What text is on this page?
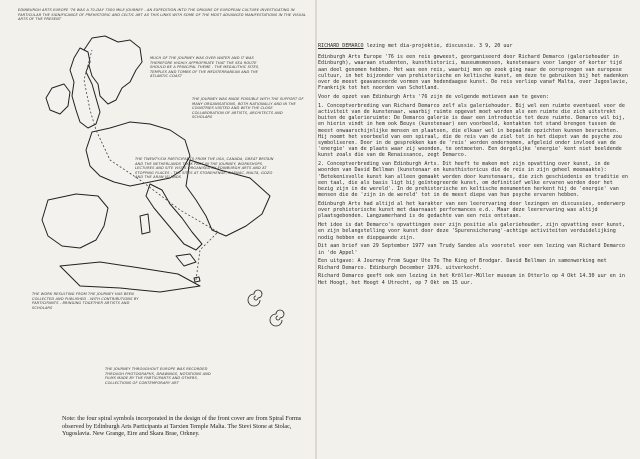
EDINBURGH ARTS EUROPE '76 WAS A 70-DAY 7500 MILE JOURNEY - AN EXPEDITION INTO THE ORIGINS OF EUROPEAN CULTURE INVESTIGATING IN PARTICULAR THE SIGNIFICANCE OF PREHISTORIC AND CELTIC ART AS THIS LINKS WITH SOME OF THE MOST ADVANCED MANIFESTATIONS IN THE VISUAL ARTS OF THE PRESENT
MUCH OF THE JOURNEY WAS OVER WATER AND IT WAS THEREFORE HIGHLY APPROPRIATE THAT THE SEA ROUTE SHOULD BE A PRINCIPAL THEME - THE MEGALITHIC SITES, TEMPLES AND TOMBS OF THE MEDITERRANEAN AND THE ATLANTIC COAST
THE JOURNEY WAS MADE POSSIBLE WITH THE SUPPORT OF MANY ORGANISATIONS, BOTH NATIONALLY AND IN THE COUNTRIES VISITED AND WITH THE CLOSE COLLABORATION OF ARTISTS, ARCHITECTS AND SCHOLARS
THE TWENTY-SIX PARTICIPANTS FROM THE USA, CANADA, GREAT BRITAIN AND THE NETHERLANDS TOOK PART IN THE JOURNEY, WORKSHOPS, LECTURES AND SITE VISITS ORGANISED BY EDINBURGH ARTS AND AT STOPPING PLACES - THE SITES AT STONEHENGE, CARNAC, MALTA, GOZO AND THE ARAN ISLANDS
THE WORK RESULTING FROM THE JOURNEY HAS BEEN COLLECTED AND PUBLISHED - WITH CONTRIBUTIONS BY PARTICIPANTS - BRINGING TOGETHER ARTISTS AND SCHOLARS
THE JOURNEY THROUGHOUT EUROPE WAS RECORDED THROUGH PHOTOGRAPHS, DRAWINGS, NOTATIONS AND FILMS MADE BY THE PARTICIPANTS AND OTHERS, COLLECTIONS OF CONTEMPORARY ART
Note: the four spiral symbols incorporated in the design of the front cover are from Spiral Forms observed by Edinburgh Arts Participants at Tarxien Temple Malta. The Stevi Stone at Stolac, Yugoslavia. New Grange, Eire and Skara Brae, Orkney.

RICHARD DEMARCO lezing met dia-projektie, discussie. 3 9, 20 uur

Edinburgh Arts Europe '76 is een reis geweest, georganiseerd door Richard Demarco (galeriehouder in Edinburgh), waaraan studenten, kunsthistorici, museumsmensen, kunstenaars voor langer of korter tijd aan deel genomen hebben. Het was een reis, waarbij men op zoek ging naar de oorsprongen van europese cultuur, in het bijzonder van prehistorische en keltische kunst, om deze te gebruiken bij het nadenken over de meest geavanceerde vormen van hedendaagse kunst. De reis verliep vanaf Malta, over Jugoslavie, Frankrijk tot het noorden van Schotland.

Voor de opzet van Edinburgh Arts '76 zijn de volgende motieven aan te geven:

1. Conceptverbreding van Richard Demarco zelf als galeriehouder. Bij wel een ruimte eventueel voor de activiteit van de kunstenaar, waarbij ruimte opgevat moet worden als een ruimte die zich uitstrekt buiten de galerieruimte: De Demarco galerie is daar een introductie tot deze ruimte. Demarco wil bij, en hierin vindt in hem ook Beuys (kunstenaar) een voorbeeld, kontakten tot stand brengen tussen de meest onwaarschijnlijke mensen en plaatsen, die elkaar wel in bepaalde opzichten kunnen bevruchten. Hij noemt het voorbeeld van een spiraal, die de reis van de ziel tot in het diepst van de psyche zou symboliseren. Door in de gesprekken kan de 'reis' worden ondernomen, afgeleid onder invloed van de 'energie' van de plaats waar zij woonden, te ontmoeten. Een dergelijke 'energie' kent niet beeldende kunst zoals die van de Renaissance, zegt Demarco.

2. Conceptverbreding van Edinburgh Arts. Dit heeft te maken met zijn opvatting over kunst, in de woorden van David Bellman (kunstenaar en kunsthistoricus die de reis in zijn geheel meemaakte): 'Betekenisvolle kunst kan alleen gemaakt worden door kunstenaars, die zich geschiedenis en traditie en een taal, die als basis ligt bij geïntegreerde kunst, om definitief welke ervaren worden door het bezig zijn in de wereld'. In de prehistorische en keltische monumenten herkent hij de 'energie' van mensen die de 'zijn in de wereld' tot in de meest diepe van hun psyche ervaren hebben.

Edinburgh Arts had altijd al het karakter van een leerervaring door lezingen en discussies, onderwerp over prehistorische kunst met daarnaast performances e.d.. Maar deze leerervaring was altijd plaatsgebonden. Langzamerhand is de gedachte van een reis ontstaan.

Het idee is dat Demarco's opvattingen over zijn positie als galeriehouder, zijn opvatting over kunst, en zijn belangstelling voor kunst door deze 'Spurensicherung'-achtige activiteiten verduidelijking nodig hebben en diepgaande zijn.

Dit aan brief van 29 September 1977 van Trudy Sandee als voorstel voor een lezing van Richard Demarco in 'de Appel'

Een uitgave: A Journey From Sugar Ute To The King of Brodgar. David Bellman in samenwerking met Richard Demarco. Edinburgh December 1976. uitverkocht.

Richard Demarco geeft ook een lezing in het Kröller-Müller museum in Otterlo op 4 Okt 14.30 uur en in Het Hoogt, het Hoogt 4 Utrecht, op 7 Okt om 15 uur.
